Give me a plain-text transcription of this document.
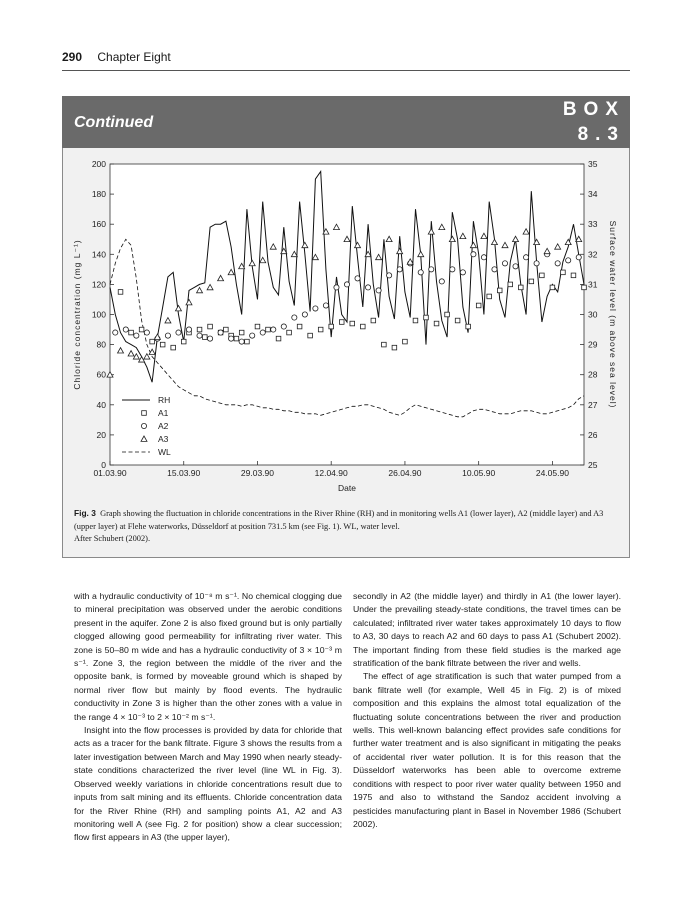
290 Chapter Eight
Continued
BOX
8.3
0
20
40
60
80
100
120
140
160
180
200
25
26
27
28
29
30
31
32
33
34
35
01.03.90	15.03.90	29.03.90	12.04.90	26.04.90	10.05.90	24.05.90
Date
Chloride concentration (mg L⁻¹)	Surface water level (m above sea level)
RH
A1
A2
A3
WL
Fig. 3 Graph showing the fluctuation in chloride concentrations in the River Rhine (RH) and in monitoring wells A1 (lower layer), A2 (middle layer) and A3 (upper layer) at Flehe waterworks, Düsseldorf at position 731.5 km (see Fig. 1). WL, water level.
After Schubert (2002).

with a hydraulic conductivity of 10⁻⁸ m s⁻¹. No chemical clogging due to mineral precipitation was observed under the aerobic conditions present in the aquifer. Zone 2 is also fixed ground but is only partially clogged allowing good permeability for infiltrating river water. This zone is 50–80 m wide and has a hydraulic conductivity of 3 × 10⁻³ m s⁻¹. Zone 3, the region between the middle of the river and the opposite bank, is formed by moveable ground which is shaped by normal river flow but mainly by flood events. The hydraulic conductivity in Zone 3 is higher than the other zones with a value in the range 4 × 10⁻³ to 2 × 10⁻² m s⁻¹.

Insight into the flow processes is provided by data for chloride that acts as a tracer for the bank filtrate. Figure 3 shows the results from a later investigation between March and May 1990 when nearly steady-state conditions characterized the river level (line WL in Fig. 3). Observed weekly variations in chloride concentrations result due to inputs from salt mining and its effluents. Chloride concentration data for the River Rhine (RH) and sampling points A1, A2 and A3 monitoring well A (see Fig. 2 for position) show a clear succession; flow first appears in A3 (the upper layer),

secondly in A2 (the middle layer) and thirdly in A1 (the lower layer). Under the prevailing steady-state conditions, the travel times can be calculated; infiltrated river water takes approximately 10 days to flow to A3, 30 days to reach A2 and 60 days to pass A1 (Schubert 2002). The important finding from these field studies is the marked age stratification of the bank filtrate between the river and wells.

The effect of age stratification is such that water pumped from a bank filtrate well (for example, Well 45 in Fig. 2) is of mixed composition and this explains the almost total equalization of the fluctuating solute concentrations between the river and production wells. This well-known balancing effect provides safe conditions for further water treatment and is also significant in mitigating the peaks of accidental river water pollution. It is for this reason that the Düsseldorf waterworks has been able to overcome extreme conditions with respect to poor river water quality between 1950 and 1975 and also to withstand the Sandoz accident involving a pesticides manufacturing plant in Basel in November 1986 (Schubert 2002).
